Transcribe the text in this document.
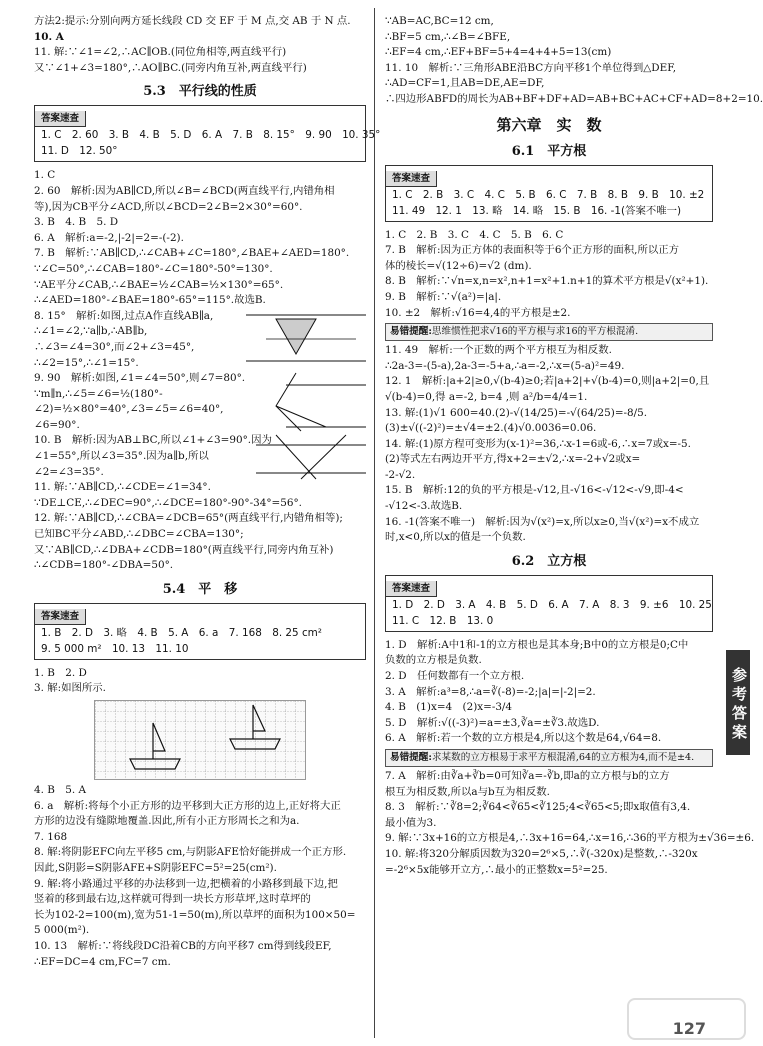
方法2:提示:分别向两方延长线段 CD 交 EF 于 M 点,交 AB 于 N 点.
10. A
11. 解:∵∠1=∠2,∴AC∥OB.(同位角相等,两直线平行)
又∵∠1+∠3=180°,∴AO∥BC.(同旁内角互补,两直线平行)
5.3　平行线的性质
答案速查
1. C　2. 60　3. B　4. B　5. D　6. A　7. B　8. 15°　9. 90　10. 35°
11. D　12. 50°
1. C
2. 60　解析:因为AB∥CD,所以∠B=∠BCD(两直线平行,内错角相
等),因为CB平分∠ACD,所以∠BCD=2∠B=2×30°=60°.
3. B　4. B　5. D
6. A　解析:a=-2,|-2|=2=-(-2).
7. B　解析:∵AB∥CD,∴∠CAB+∠C=180°,∠BAE+∠AED=180°.
∵∠C=50°,∴∠CAB=180°-∠C=180°-50°=130°.
∵AE平分∠CAB,∴∠BAE=½∠CAB=½×130°=65°.
∴∠AED=180°-∠BAE=180°-65°=115°.故选B.
8. 15°　解析:如图,过点A作直线AB∥a,
∴∠1=∠2,∵a∥b,∴AB∥b,
∴∠3=∠4=30°,而∠2+∠3=45°,
∴∠2=15°,∴∠1=15°.
9. 90　解析:如图,∠1=∠4=50°,则∠7=80°.
∵m∥n,∴∠5=∠6=½(180°-
∠2)=½×80°=40°,∠3=∠5=∠6=40°,
∠6=90°.
10. B　解析:因为AB⊥BC,所以∠1+∠3=90°.因为
∠1=55°,所以∠3=35°.因为a∥b,所以
∠2=∠3=35°.
11. 解:∵AB∥CD,∴∠CDE=∠1=34°.
∵DE⊥CE,∴∠DEC=90°,∴∠DCE=180°-90°-34°=56°.
12. 解:∵AB∥CD,∴∠CBA=∠DCB=65°(两直线平行,内错角相等);
已知BC平分∠ABD,∴∠DBC=∠CBA=130°;
又∵AB∥CD,∴∠DBA+∠CDB=180°(两直线平行,同旁内角互补)
∴∠CDB=180°-∠DBA=50°.
5.4　平　移
答案速查
1. B　2. D　3. 略　4. B　5. A　6. a　7. 168　8. 25 cm²
9. 5 000 m²　10. 13　11. 10
1. B　2. D
3. 解:如图所示.
4. B　5. A
6. a　解析:将每个小正方形的边平移到大正方形的边上,正好将大正
方形的边没有缝隙地覆盖.因此,所有小正方形周长之和为a.
7. 168
8. 解:将阴影EFC向左平移5 cm,与阴影AFE恰好能拼成一个正方形.
因此,S阴影=S阴影AFE+S阴影EFC=5²=25(cm²).
9. 解:将小路通过平移的办法移到一边,把横着的小路移到最下边,把
竖着的移到最右边,这样就可得到一块长方形草坪,这时草坪的
长为102-2=100(m),宽为51-1=50(m),所以草坪的面积为100×50=
5 000(m²).
10. 13　解析:∵将线段DC沿着CB的方向平移7 cm得到线段EF,
∴EF=DC=4 cm,FC=7 cm.
∵AB=AC,BC=12 cm,
∴BF=5 cm,∴∠B=∠BFE,
∴EF=4 cm,∴EF+BF=5+4=4+4+5=13(cm)
11. 10　解析:∵三角形ABE沿BC方向平移1个单位得到△DEF,
∴AD=CF=1,且AB=DE,AE=DF,
∴四边形ABFD的周长为AB+BF+DF+AD=AB+BC+AC+CF+AD=8+2=10.
第六章　实　数
6.1　平方根
答案速查
1. C　2. B　3. C　4. C　5. B　6. C　7. B　8. B　9. B　10. ±2
11. 49　12. 1　13. 略　14. 略　15. B　16. -1(答案不唯一)
1. C　2. B　3. C　4. C　5. B　6. C
7. B　解析:因为正方体的表面积等于6个正方形的面积,所以正方
体的棱长=√(12÷6)=√2 (dm).
8. B　解析:∵√n=x,n=x²,n+1=x²+1.n+1的算术平方根是√(x²+1).
9. B　解析:∵√(a²)=|a|.
10. ±2　解析:√16=4,4的平方根是±2.
易错提醒:思维惯性把求√16的平方根与求16的平方根混淆.
11. 49　解析:一个正数的两个平方根互为相反数.
∴2a-3=-(5-a),2a-3=-5+a,∴a=-2,∴x=(5-a)²=49.
12. 1　解析:|a+2|≥0,√(b-4)≥0;若|a+2|+√(b-4)=0,则|a+2|=0,且
√(b-4)=0,得 a=-2, b=4 ,则 a²/b=4/4=1.
13. 解:(1)√1 600=40.(2)-√(14/25)=-√(64/25)=-8/5.
(3)±√((-2)²)=±√4=±2.(4)√0.0036=0.06.
14. 解:(1)原方程可变形为(x-1)²=36,∴x-1=6或-6,∴x=7或x=-5.
(2)等式左右两边开平方,得x+2=±√2,∴x=-2+√2或x=
-2-√2.
15. B　解析:12的负的平方根是-√12,且-√16<-√12<-√9,即-4<
-√12<-3.故选B.
16. -1(答案不唯一)　解析:因为√(x²)=x,所以x≥0,当√(x²)=x不成立
时,x<0,所以x的值是一个负数.
6.2　立方根
答案速查
1. D　2. D　3. A　4. B　5. D　6. A　7. A　8. 3　9. ±6　10. 25
11. C　12. B　13. 0
1. D　解析:A中1和-1的立方根也是其本身;B中0的立方根是0;C中
负数的立方根是负数.
2. D　任何数都有一个立方根.
3. A　解析:a³=8,∴a=∛(-8)=-2;|a|=|-2|=2.
4. B　(1)x=4　(2)x=-3/4
5. D　解析:√((-3)²)=a=±3,∛a=±∛3.故选D.
6. A　解析:若一个数的立方根是4,所以这个数是64,√64=8.
易错提醒:求某数的立方根易于求平方根混淆,64的立方根为4,而不是±4.
7. A　解析:由∛a+∛b=0可知∛a=-∛b,即a的立方根与b的立方
根互为相反数,所以a与b互为相反数.
8. 3　解析:∵∛8=2;∛64<∛65<∛125;4<∛65<5;即x取值有3,4.
最小值为3.
9. 解:∵3x+16的立方根是4,∴3x+16=64,∴x=16,∴36的平方根为±√36=±6.
10. 解:将320分解质因数为320=2⁶×5,∴∛(-320x)是整数,∴-320x
=-2⁶×5x能够开立方,∴最小的正整数x=5²=25.
参考答案
127
